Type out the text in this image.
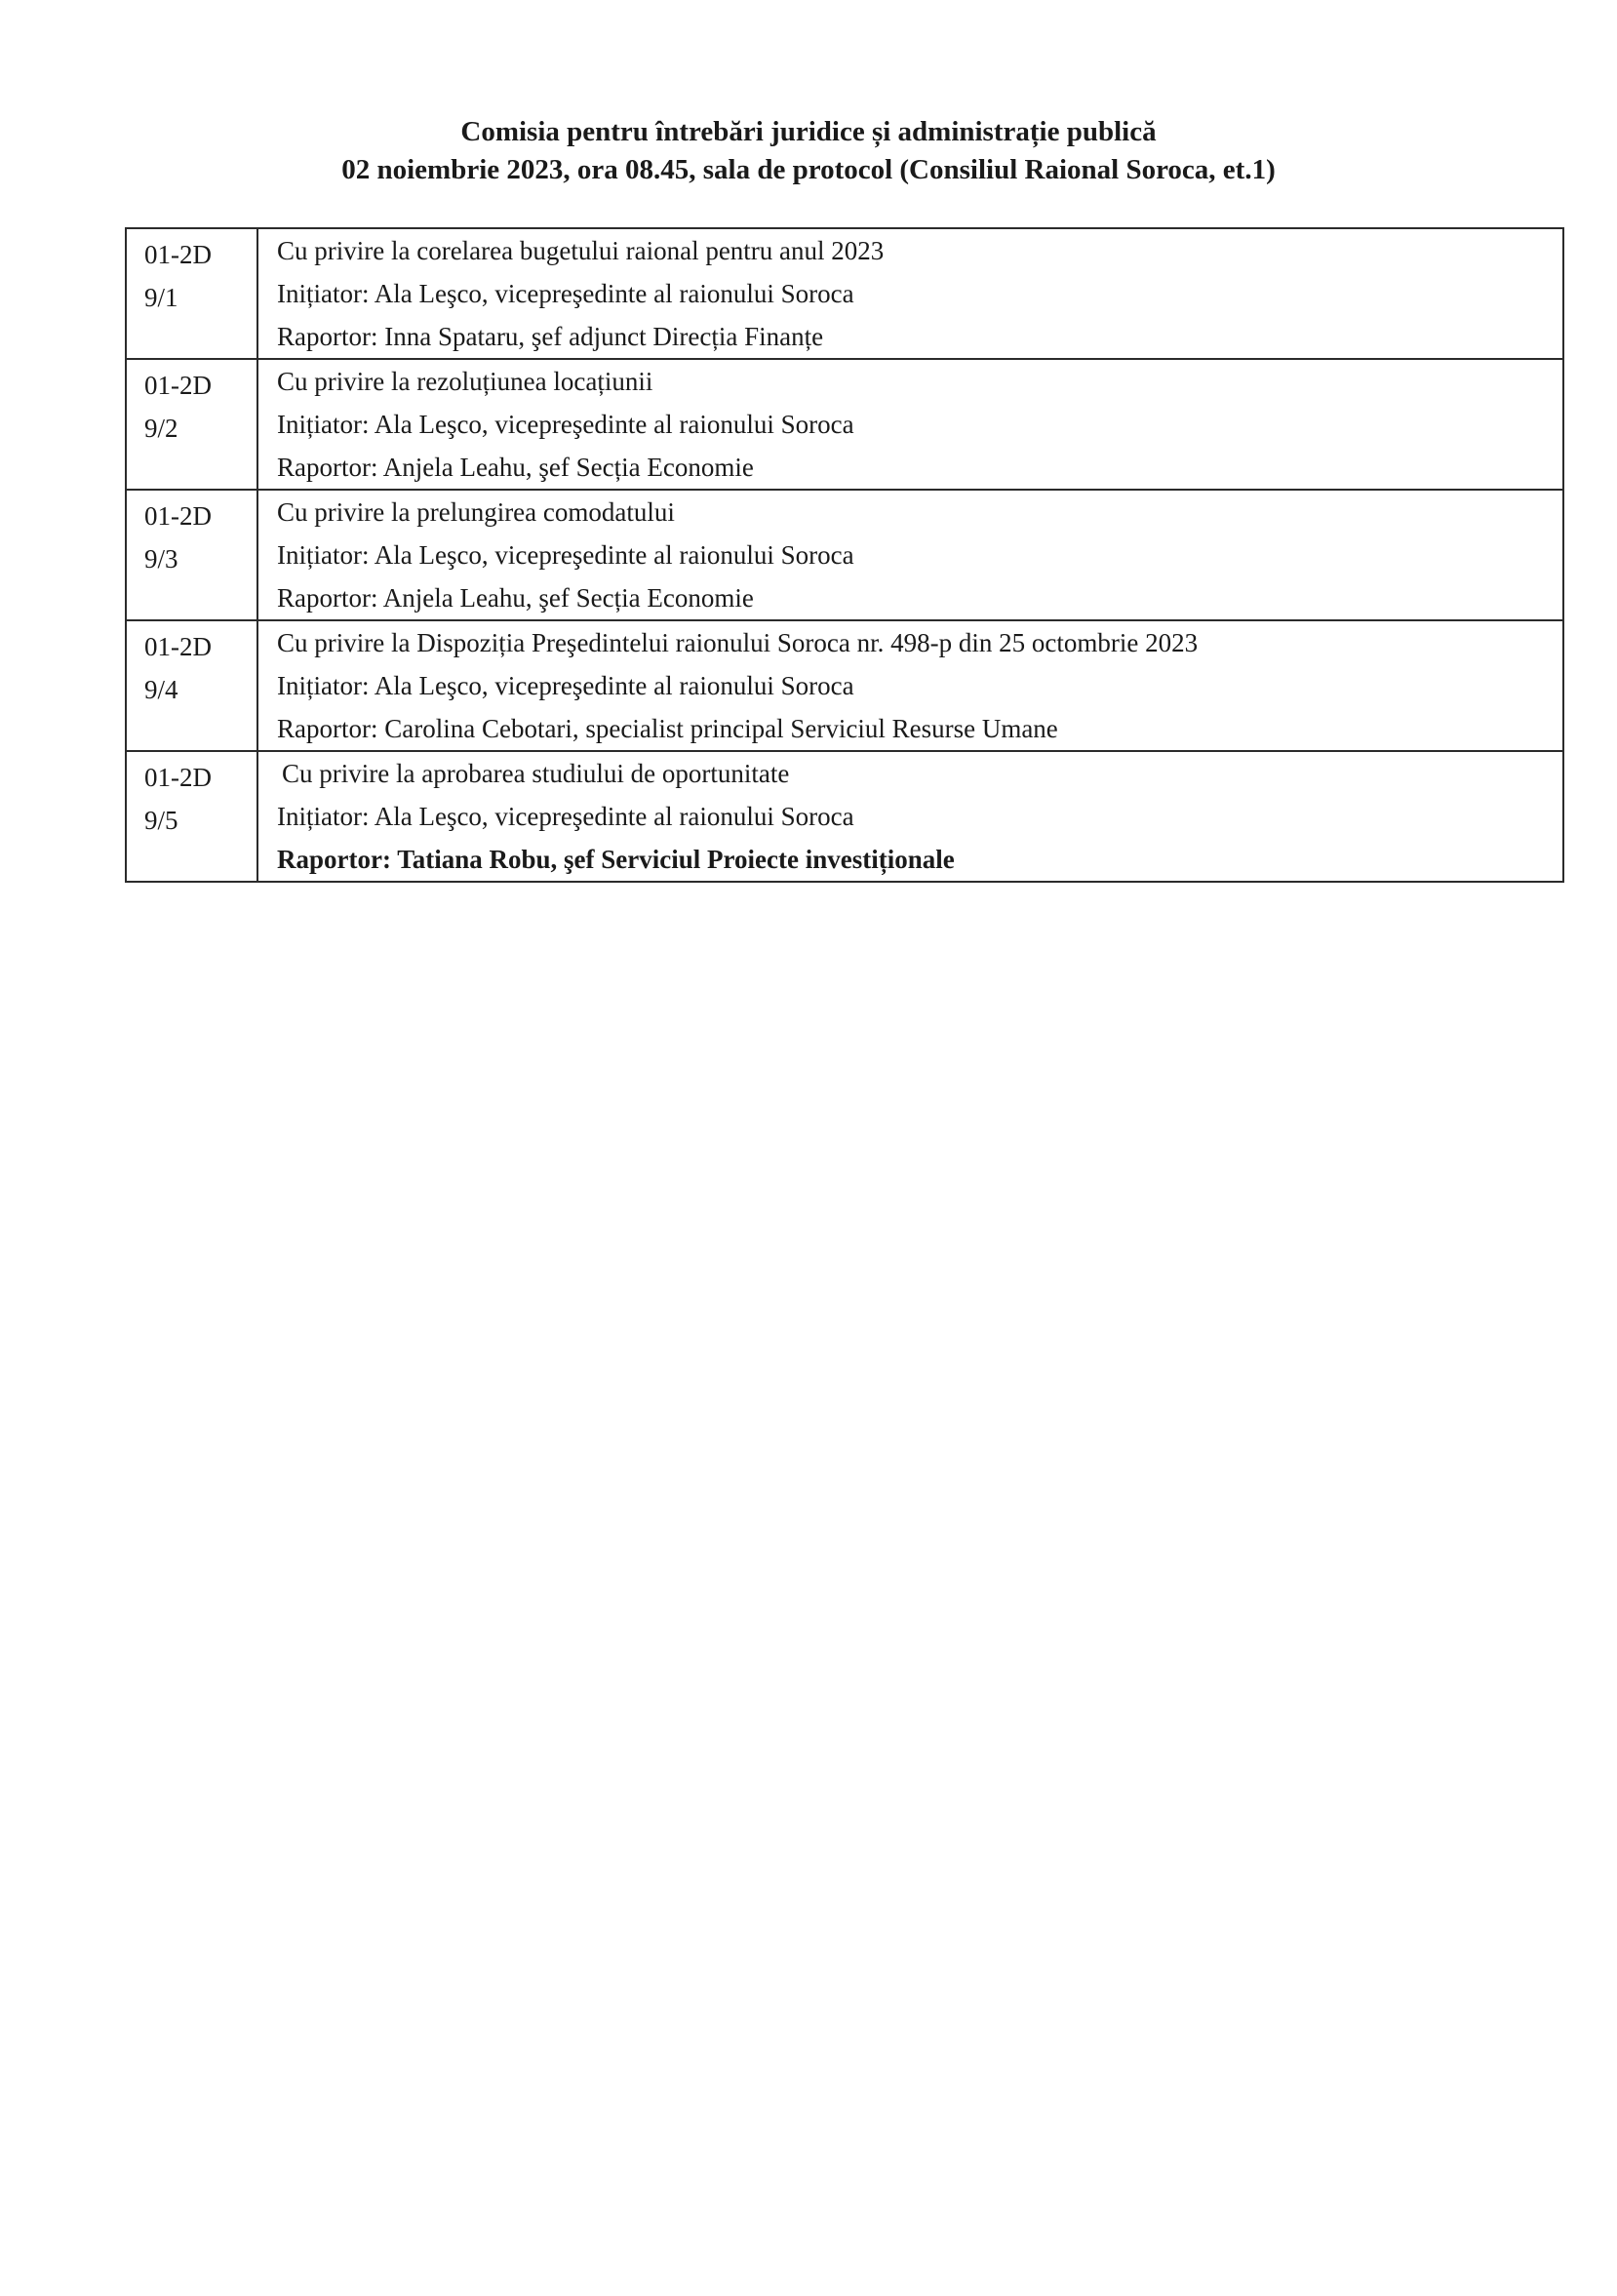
Comisia pentru întrebări juridice și administrație publică
02 noiembrie 2023, ora 08.45, sala de protocol (Consiliul Raional Soroca, et.1)
01-2D
9/1	Cu privire la corelarea bugetului raional pentru anul 2023
Inițiator: Ala Leşco, vicepreşedinte al raionului Soroca
Raportor: Inna Spataru, şef adjunct Direcția Finanțe

01-2D
9/2	Cu privire la rezoluțiunea locațiunii
Inițiator: Ala Leşco, vicepreşedinte al raionului Soroca
Raportor: Anjela Leahu, şef Secția Economie

01-2D
9/3	Cu privire la prelungirea comodatului
Inițiator: Ala Leşco, vicepreşedinte al raionului Soroca
Raportor: Anjela Leahu, şef Secția Economie

01-2D
9/4	Cu privire la Dispoziția Preşedintelui raionului Soroca nr. 498-p din 25 octombrie 2023
Inițiator: Ala Leşco, vicepreşedinte al raionului Soroca
Raportor: Carolina Cebotari, specialist principal Serviciul Resurse Umane

01-2D
9/5	Cu privire la aprobarea studiului de oportunitate
Inițiator: Ala Leşco, vicepreşedinte al raionului Soroca
Raportor: Tatiana Robu, şef Serviciul Proiecte investiționale
